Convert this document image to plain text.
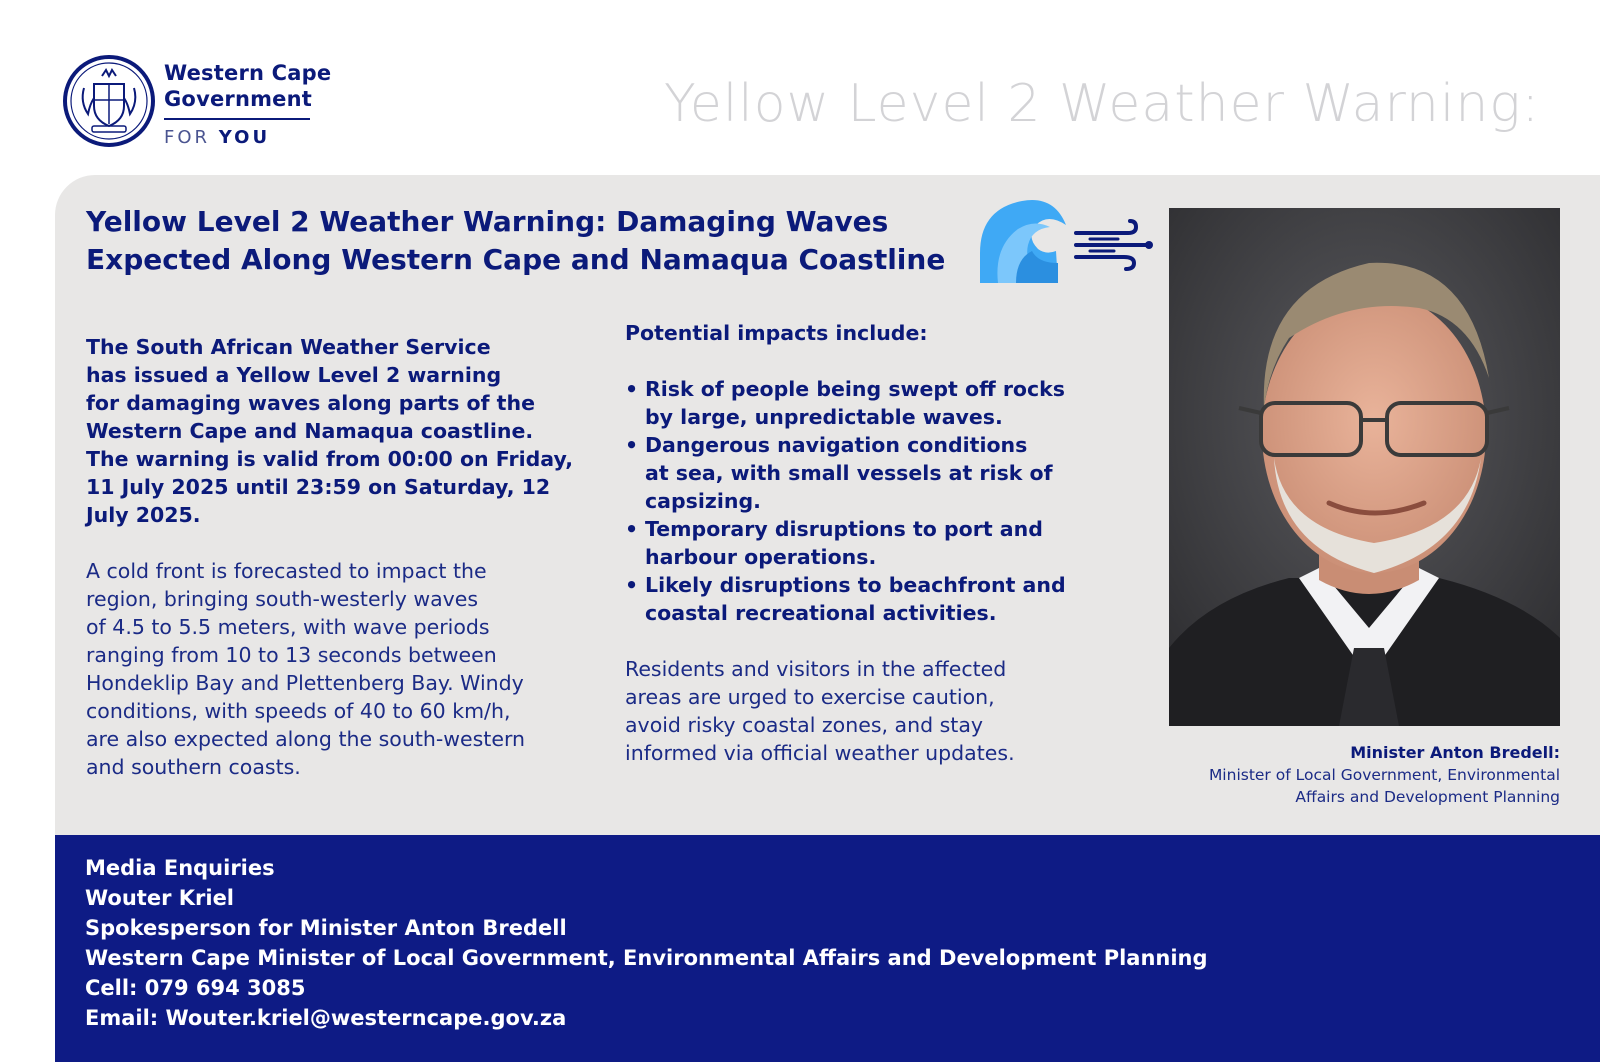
Western Cape
Government
FOR YOU
Yellow Level 2 Weather Warning:
Yellow Level 2 Weather Warning: Damaging Waves
Expected Along Western Cape and Namaqua Coastline
The South African Weather Service
has issued a Yellow Level 2 warning
for damaging waves along parts of the
Western Cape and Namaqua coastline.
The warning is valid from 00:00 on Friday,
11 July 2025 until 23:59 on Saturday, 12
July 2025.
A cold front is forecasted to impact the
region, bringing south-westerly waves
of 4.5 to 5.5 meters, with wave periods
ranging from 10 to 13 seconds between
Hondeklip Bay and Plettenberg Bay. Windy
conditions, with speeds of 40 to 60 km/h,
are also expected along the south-western
and southern coasts.
Potential impacts include:
• Risk of people being swept off rocks
by large, unpredictable waves.
• Dangerous navigation conditions
at sea, with small vessels at risk of
capsizing.
• Temporary disruptions to port and
harbour operations.
• Likely disruptions to beachfront and
coastal recreational activities.
Residents and visitors in the affected
areas are urged to exercise caution,
avoid risky coastal zones, and stay
informed via official weather updates.	Minister Anton Bredell:
Minister of Local Government, Environmental
Affairs and Development Planning
Media Enquiries
Wouter Kriel
Spokesperson for Minister Anton Bredell
Western Cape Minister of Local Government, Environmental Affairs and Development Planning
Cell: 079 694 3085
Email: Wouter.kriel@westerncape.gov.za
